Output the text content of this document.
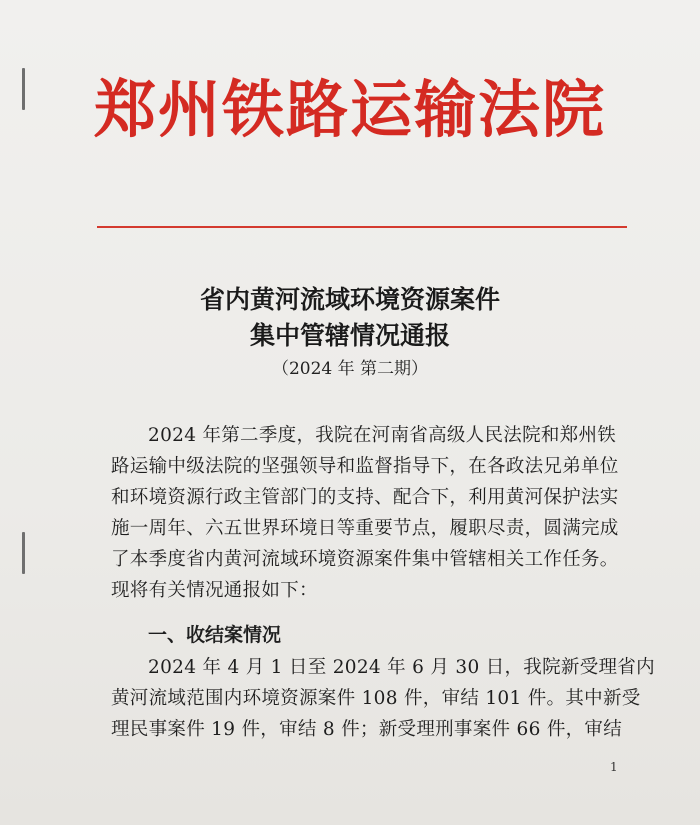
郑州铁路运输法院
省内黄河流域环境资源案件
集中管辖情况通报
（2024 年 第二期）

2024 年第二季度，我院在河南省高级人民法院和郑州铁
路运输中级法院的坚强领导和监督指导下，在各政法兄弟单位
和环境资源行政主管部门的支持、配合下，利用黄河保护法实
施一周年、六五世界环境日等重要节点，履职尽责，圆满完成
了本季度省内黄河流域环境资源案件集中管辖相关工作任务。
现将有关情况通报如下：

一、收结案情况

2024 年 4 月 1 日至 2024 年 6 月 30 日，我院新受理省内
黄河流域范围内环境资源案件 108 件，审结 101 件。其中新受
理民事案件 19 件，审结 8 件；新受理刑事案件 66 件，审结

1
